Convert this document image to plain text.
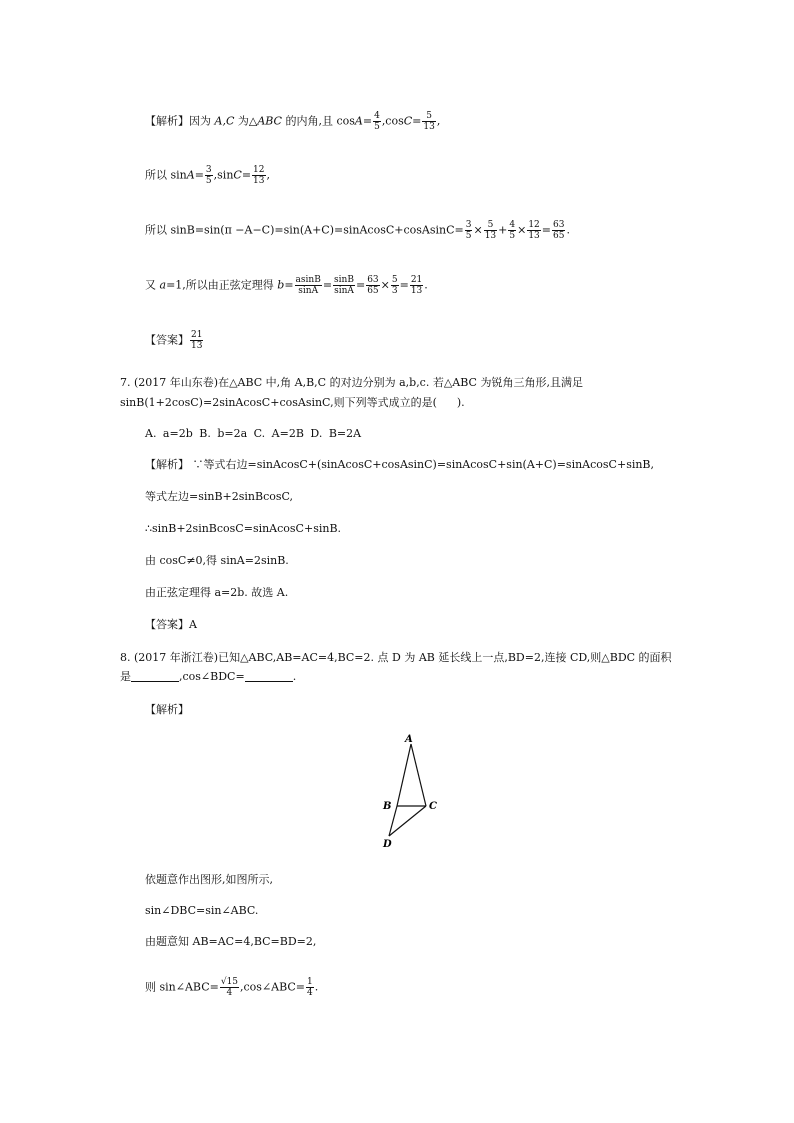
【解析】因为 A,C 为△ABC 的内角,且 $\cos A= \frac{4}{5} ,\cos C= \frac{5}{13}$ ,
所以 $\sin A= \frac{3}{5} ,\sin C= \frac{12}{13}$ ,
所以 sinB=sin(π −A−C)=sin(A+C)=sinAcosC+cosAsinC= $\frac{3}{5} \times \frac{5}{13} + \frac{4}{5} \times \frac{12}{13} = \frac{63}{65}$ .
又 a=1,所以由正弦定理得 $b= \frac{asinB}{\sin A} = \frac{\sin B}{\sin A} = \frac{63}{65} \times \frac{5}{3} = \frac{21}{13}$ .
【答案】 $\frac{21}{13}$
7. (2017 年山东卷)在△ABC 中,角 A,B,C 的对边分别为 a,b,c. 若△ABC 为锐角三角形,且满足
sinB(1+2cosC)=2sinAcosC+cosAsinC,则下列等式成立的是( ).
A. a=2b B. b=2a C. A=2B D. B=2A
【解析】 ∵等式右边=sinAcosC+(sinAcosC+cosAsinC)=sinAcosC+sin(A+C)=sinAcosC+sinB,
等式左边=sinB+2sinBcosC,
∴sinB+2sinBcosC=sinAcosC+sinB.
由 cosC≠0,得 sinA=2sinB.
由正弦定理得 a=2b. 故选 A.
【答案】A
8. (2017 年浙江卷)已知△ABC,AB=AC=4,BC=2. 点 D 为 AB 延长线上一点,BD=2,连接 CD,则△BDC 的面积
是	,cos∠BDC=	.
【解析】
A
B	C
D
依题意作出图形,如图所示,
sin∠DBC=sin∠ABC.
由题意知 AB=AC=4,BC=BD=2,
则 sin∠ABC= $\frac{√15}{4}$ ,cos∠ABC= $\frac{1}{4}$ .
